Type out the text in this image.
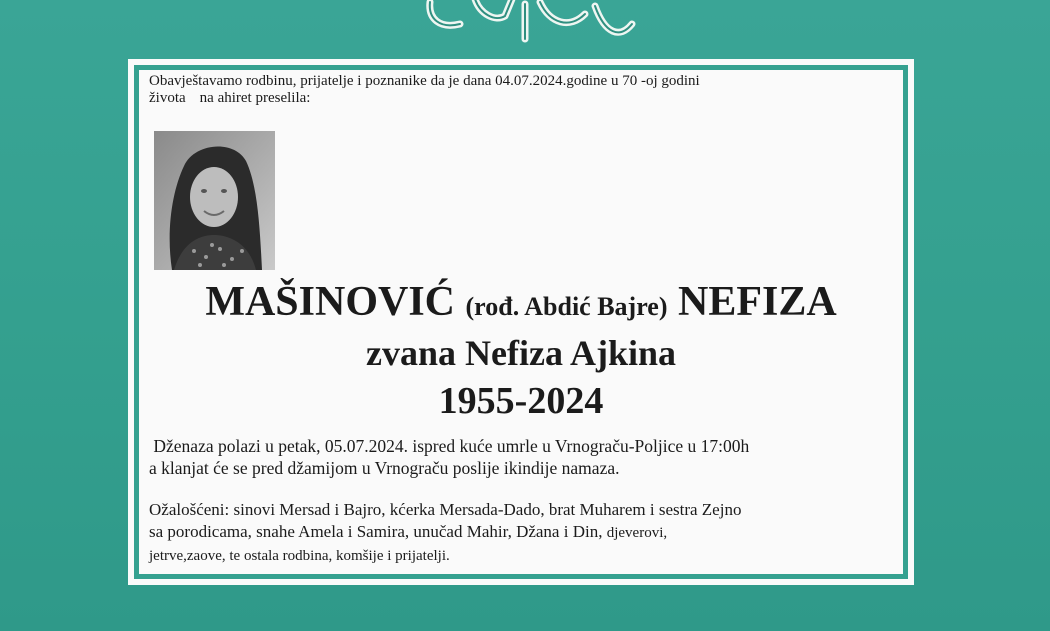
Obavještavamo rodbinu, prijatelje i poznanike da je dana 04.07.2024.godine u 70 -oj godini
života na ahiret preselila:

MAŠINOVIĆ (rođ. Abdić Bajre) NEFIZA
zvana Nefiza Ajkina
1955-2024

Dženaza polazi u petak, 05.07.2024. ispred kuće umrle u Vrnograču-Poljice u 17:00h
a klanjat će se pred džamijom u Vrnograču poslije ikindije namaza.

Ožalošćeni: sinovi Mersad i Bajro, kćerka Mersada-Dado, brat Muharem i sestra Zejno
sa porodicama, snahe Amela i Samira, unučad Mahir, Džana i Din, djeverovi,
jetrve,zaove, te ostala rodbina, komšije i prijatelji.
